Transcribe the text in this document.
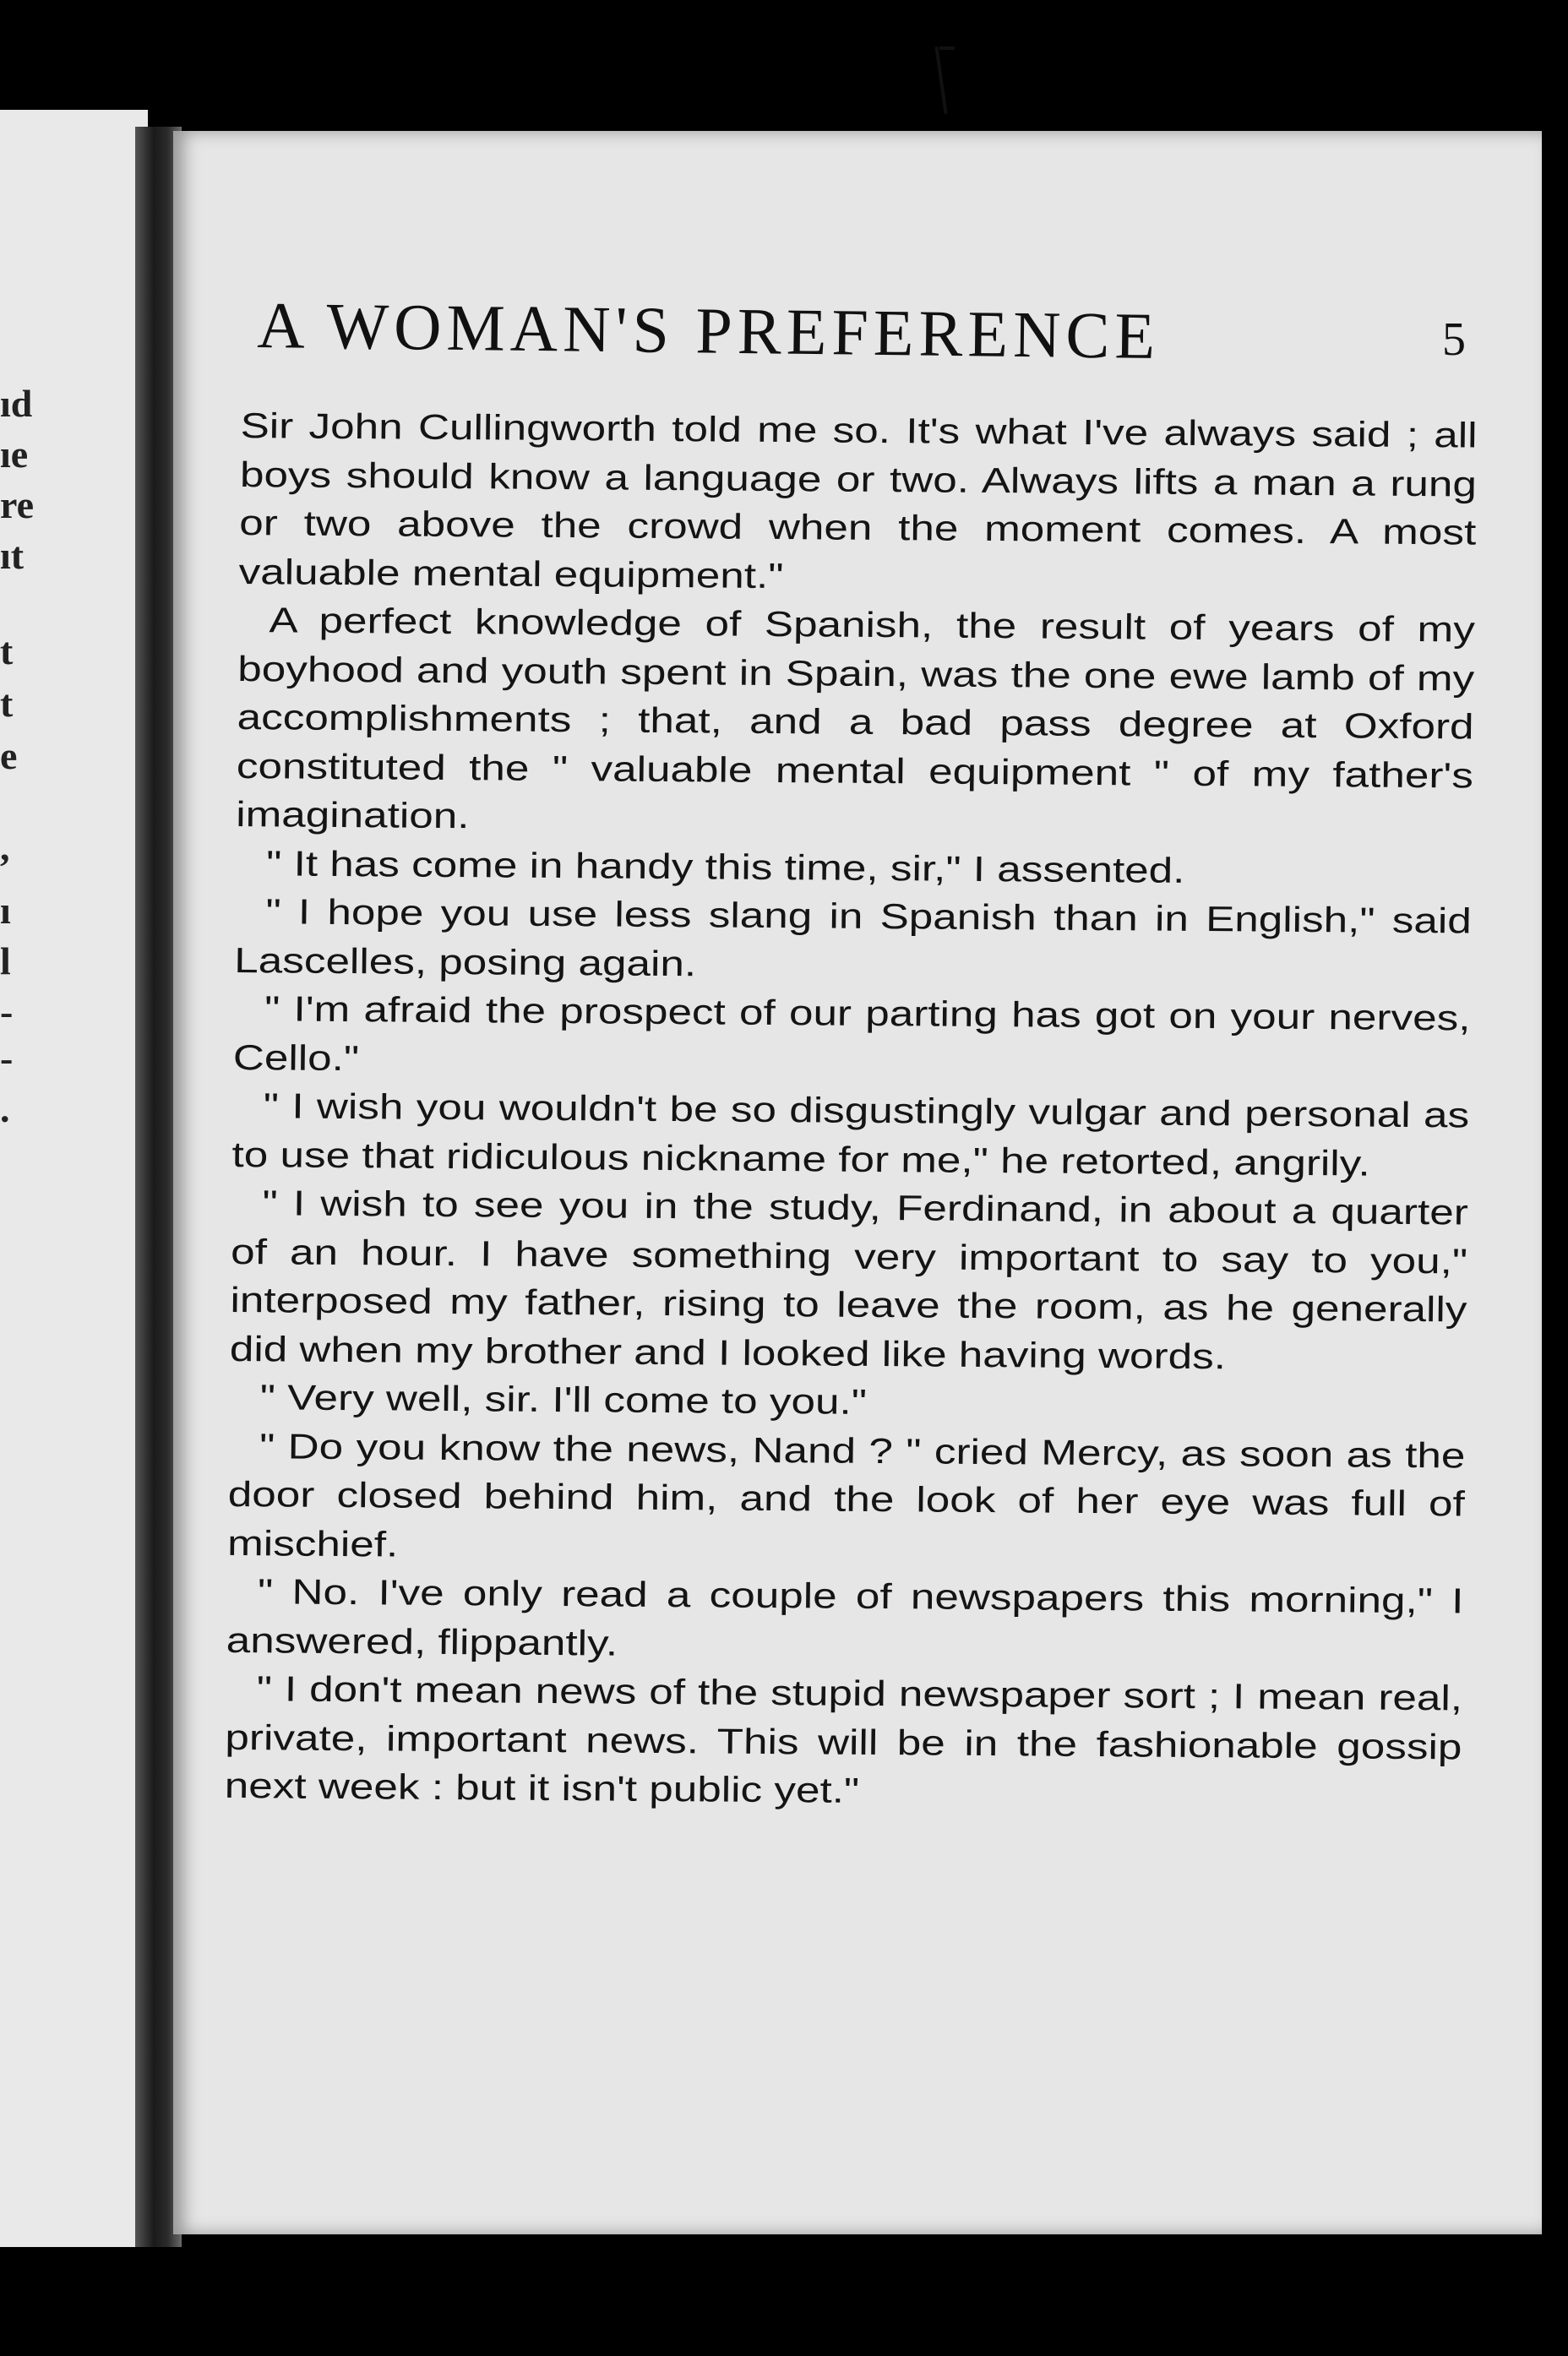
ıd
ıe
re
ıt
t
t
e
,
ı
l
-
-
.
A WOMAN'S PREFERENCE	5

Sir John Cullingworth told me so. It's what I've always said ; all boys should know a language or two. Always lifts a man a rung or two above the crowd when the moment comes. A most valuable mental equipment."

A perfect knowledge of Spanish, the result of years of my boyhood and youth spent in Spain, was the one ewe lamb of my accomplishments ; that, and a bad pass degree at Oxford constituted the " valuable mental equipment " of my father's imagination.

" It has come in handy this time, sir," I assented.

" I hope you use less slang in Spanish than in English," said Lascelles, posing again.

" I'm afraid the prospect of our parting has got on your nerves, Cello."

" I wish you wouldn't be so disgustingly vulgar and personal as to use that ridiculous nickname for me," he retorted, angrily.

" I wish to see you in the study, Ferdinand, in about a quarter of an hour. I have something very important to say to you," interposed my father, rising to leave the room, as he generally did when my brother and I looked like having words.

" Very well, sir. I'll come to you."

" Do you know the news, Nand ? " cried Mercy, as soon as the door closed behind him, and the look of her eye was full of mischief.

" No. I've only read a couple of newspapers this morning," I answered, flippantly.

" I don't mean news of the stupid newspaper sort ; I mean real, private, important news. This will be in the fashionable gossip next week : but it isn't public yet."
